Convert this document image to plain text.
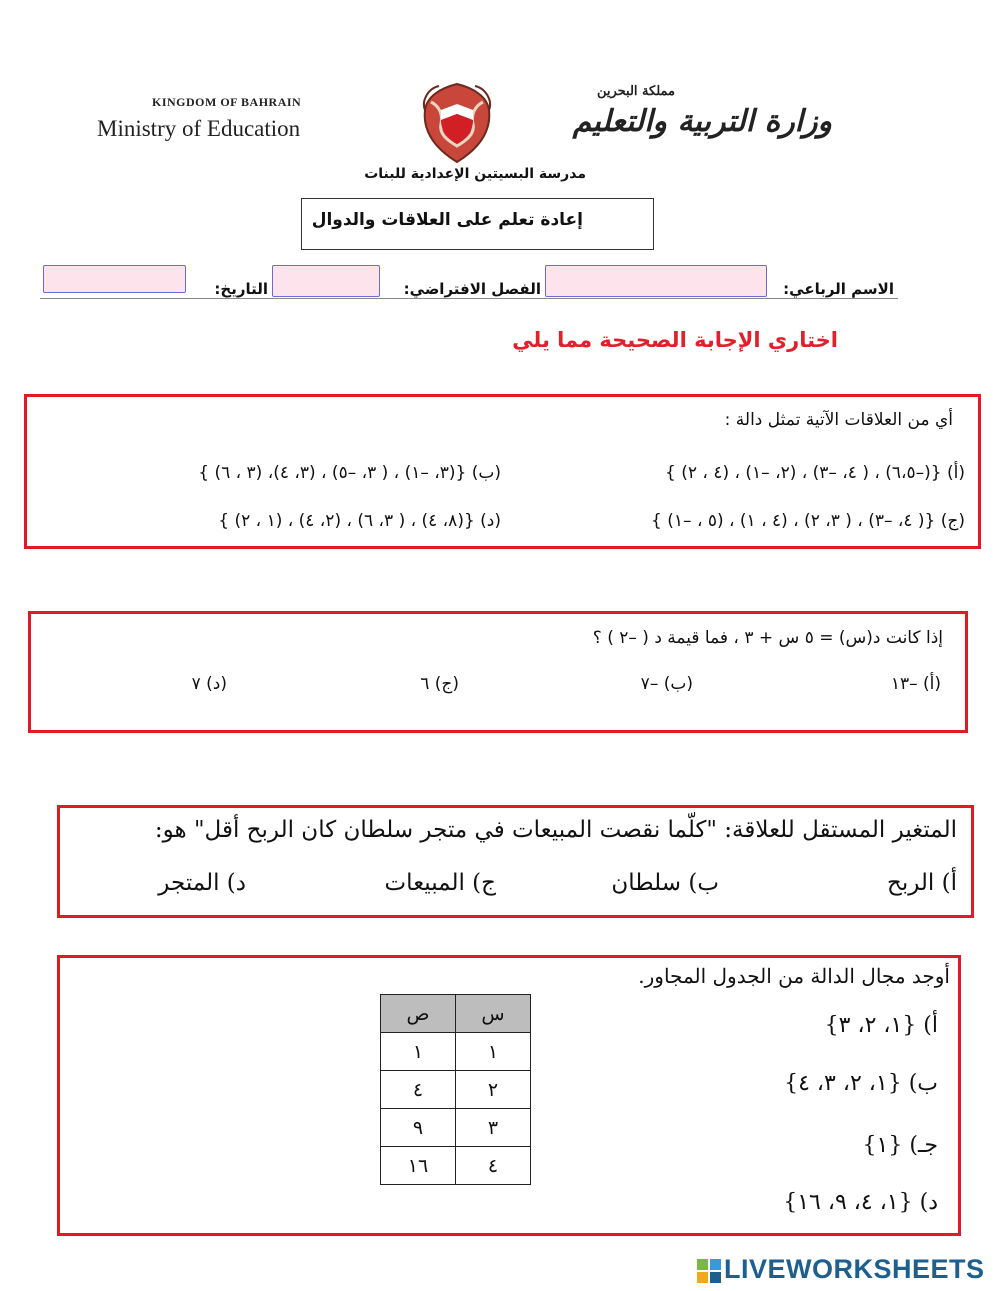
KINGDOM OF BAHRAIN
Ministry of Education
مملكة البحرين
وزارة التربية والتعليم
مدرسة البسيتين الإعدادية للبنات
إعادة تعلم على العلاقات والدوال
الاسم الرباعي:
الفصل الافتراضي:
التاريخ:
اختاري الإجابة الصحيحة مما يلي
أي من العلاقات الآتية تمثل دالة :
(أ) {(–٦،٥) ، ( ٤، –٣) ، (٢، –١) ، (٤ ، ٢) }
(ب) {(٣، –١) ، ( ٣، –٥) ، (٣، ٤)، (٣ ، ٦) }
(ج) {( ٤، –٣) ، ( ٣، ٢) ، (٤ ، ١) ، (٥ ، –١) }
(د) {(٨، ٤) ، ( ٣، ٦) ، (٢، ٤) ، (١ ، ٢) }
إذا كانت د(س) = ٥ س + ٣ ، فما قيمة د ( –٢ ) ؟
(أ) –١٣
(ب) –٧
(ج) ٦
(د) ٧
المتغير المستقل للعلاقة: "كلّما نقصت المبيعات في متجر سلطان كان الربح أقل" هو:
أ) الربح
ب) سلطان
ج) المبيعات
د) المتجر
أوجد مجال الدالة من الجدول المجاور.
ص	س
١	١
٤	٢
٩	٣
١٦	٤
أ) {١، ٢، ٣}
ب) {١، ٢، ٣، ٤}
جـ) {١}
د) {١، ٤، ٩، ١٦}
LIVEWORKSHEETS
